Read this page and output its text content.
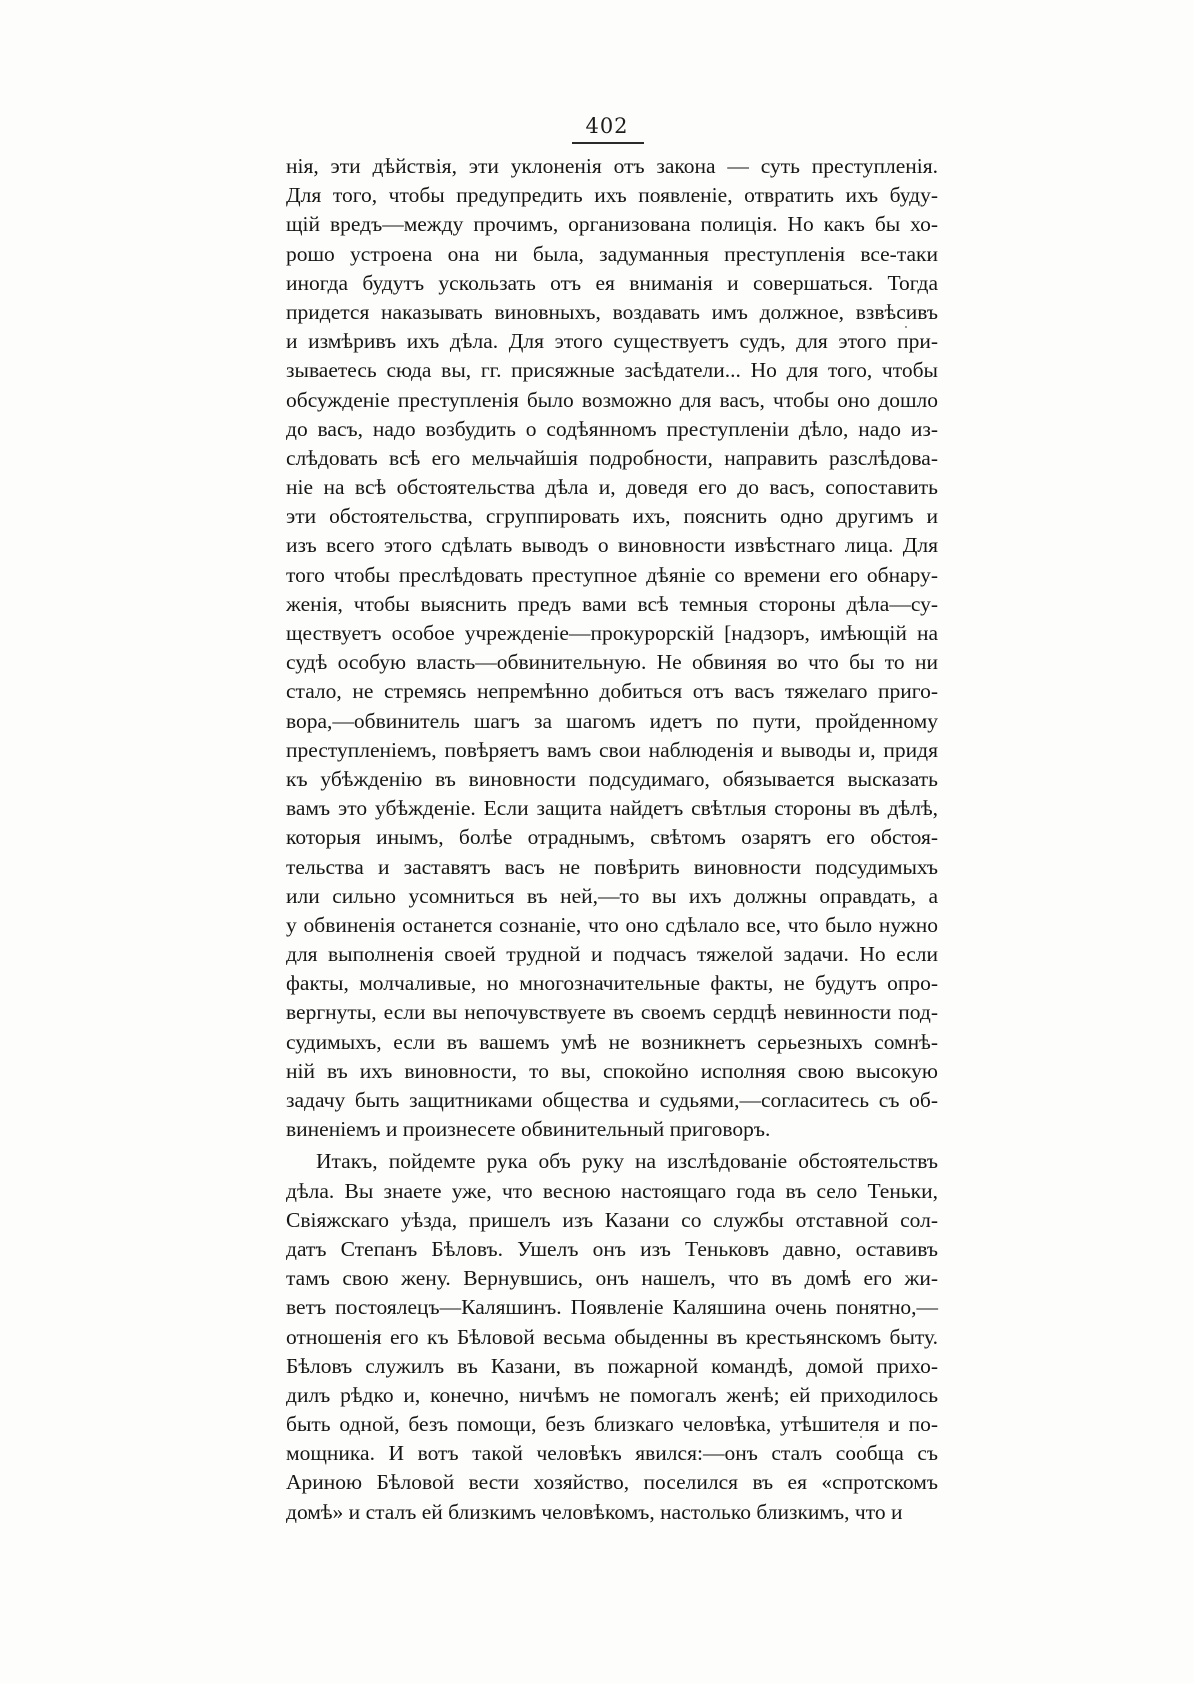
402
нія, эти дѣйствія, эти уклоненія отъ закона — суть преступленія.
Для того, чтобы предупредить ихъ появленіе, отвратить ихъ буду-
щій вредъ—между прочимъ, организована полиція. Но какъ бы хо-
рошо устроена она ни была, задуманныя преступленія все-таки
иногда будутъ ускользать отъ ея вниманія и совершаться. Тогда
придется наказывать виновныхъ, воздавать имъ должное, взвѣсивъ
и измѣривъ ихъ дѣла. Для этого существуетъ судъ, для этого при-
зываетесь сюда вы, гг. присяжные засѣдатели... Но для того, чтобы
обсужденіе преступленія было возможно для васъ, чтобы оно дошло
до васъ, надо возбудить о содѣянномъ преступленіи дѣло, надо из-
слѣдовать всѣ его мельчайшія подробности, направить разслѣдова-
ніе на всѣ обстоятельства дѣла и, доведя его до васъ, сопоставить
эти обстоятельства, сгруппировать ихъ, пояснить одно другимъ и
изъ всего этого сдѣлать выводъ о виновности извѣстнаго лица. Для
того чтобы преслѣдовать преступное дѣяніе со времени его обнару-
женія, чтобы выяснить предъ вами всѣ темныя стороны дѣла—су-
ществуетъ особое учрежденіе—прокурорскій [надзоръ, имѣющій на
судѣ особую власть—обвинительную. Не обвиняя во что бы то ни
стало, не стремясь непремѣнно добиться отъ васъ тяжелаго приго-
вора,—обвинитель шагъ за шагомъ идетъ по пути, пройденному
преступленіемъ, повѣряетъ вамъ свои наблюденія и выводы и, придя
къ убѣжденію въ виновности подсудимаго, обязывается высказать
вамъ это убѣжденіе. Если защита найдетъ свѣтлыя стороны въ дѣлѣ,
которыя инымъ, болѣе отраднымъ, свѣтомъ озарятъ его обстоя-
тельства и заставятъ васъ не повѣрить виновности подсудимыхъ
или сильно усомниться въ ней,—то вы ихъ должны оправдать, а
у обвиненія останется сознаніе, что оно сдѣлало все, что было нужно
для выполненія своей трудной и подчасъ тяжелой задачи. Но если
факты, молчаливые, но многозначительные факты, не будутъ опро-
вергнуты, если вы непочувствуете въ своемъ сердцѣ невинности под-
судимыхъ, если въ вашемъ умѣ не возникнетъ серьезныхъ сомнѣ-
ній въ ихъ виновности, то вы, спокойно исполняя свою высокую
задачу быть защитниками общества и судьями,—согласитесь съ об-
виненіемъ и произнесете обвинительный приговоръ.
Итакъ, пойдемте рука объ руку на изслѣдованіе обстоятельствъ
дѣла. Вы знаете уже, что весною настоящаго года въ село Теньки,
Свіяжскаго уѣзда, пришелъ изъ Казани со службы отставной сол-
датъ Степанъ Бѣловъ. Ушелъ онъ изъ Теньковъ давно, оставивъ
тамъ свою жену. Вернувшись, онъ нашелъ, что въ домѣ его жи-
ветъ постоялецъ—Каляшинъ. Появленіе Каляшина очень понятно,—
отношенія его къ Бѣловой весьма обыденны въ крестьянскомъ быту.
Бѣловъ служилъ въ Казани, въ пожарной командѣ, домой прихо-
дилъ рѣдко и, конечно, ничѣмъ не помогалъ женѣ; ей приходилось
быть одной, безъ помощи, безъ близкаго человѣка, утѣшителя и по-
мощника. И вотъ такой человѣкъ явился:—онъ сталъ сообща съ
Ариною Бѣловой вести хозяйство, поселился въ ея «спротскомъ
домѣ» и сталъ ей близкимъ человѣкомъ, настолько близкимъ, что и
